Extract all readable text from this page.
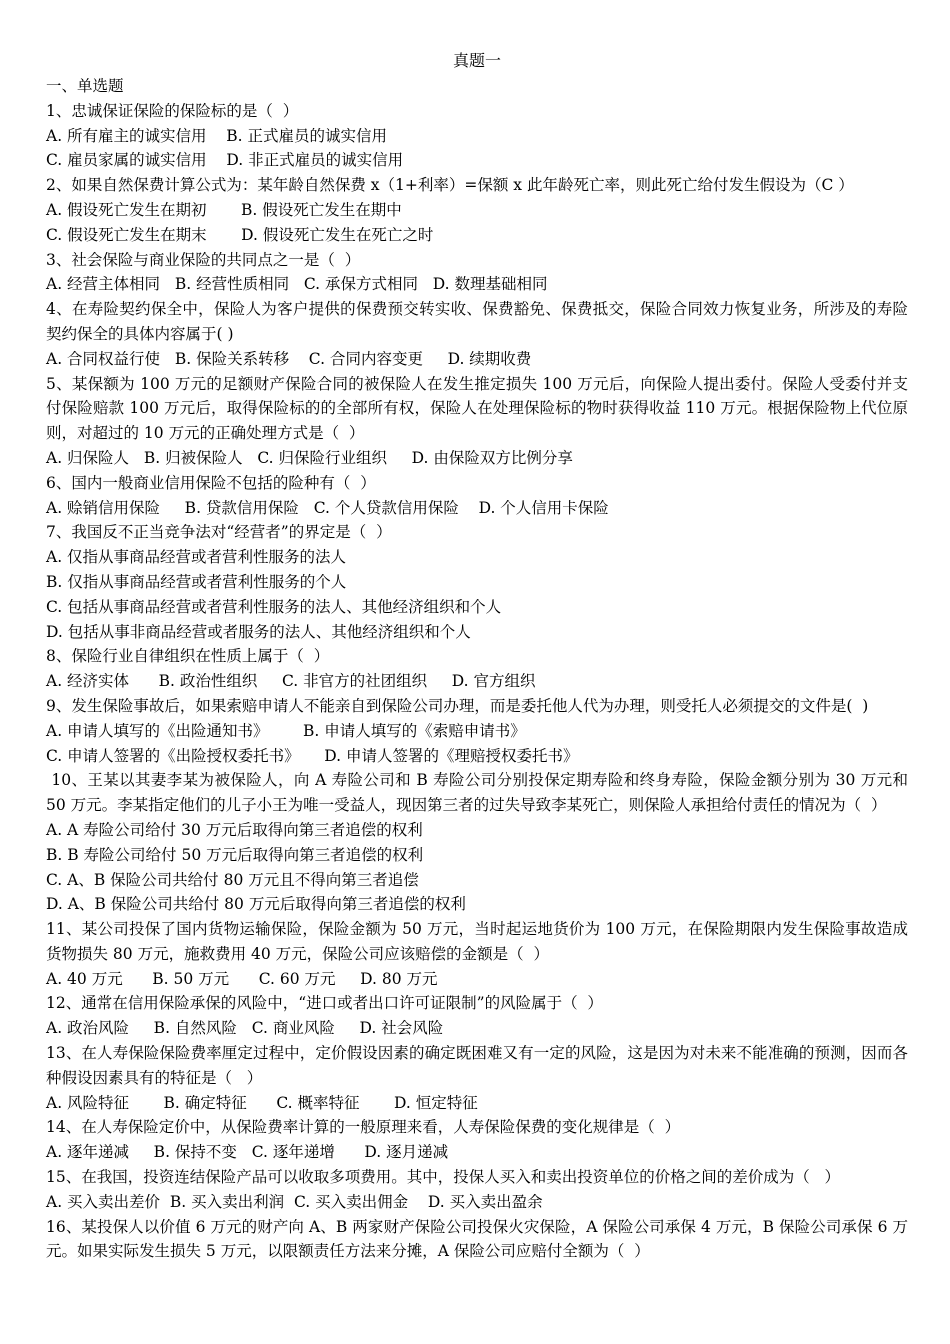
真题一
一、单选题
1、忠诚保证保险的保险标的是（  ）
A. 所有雇主的诚实信用    B. 正式雇员的诚实信用
C. 雇员家属的诚实信用    D. 非正式雇员的诚实信用
2、如果自然保费计算公式为：某年龄自然保费 x（1+利率）=保额 x 此年龄死亡率，则此死亡给付发生假设为（C ）
A. 假设死亡发生在期初       B. 假设死亡发生在期中
C. 假设死亡发生在期末       D. 假设死亡发生在死亡之时
3、社会保险与商业保险的共同点之一是（  ）
A. 经营主体相同   B. 经营性质相同   C. 承保方式相同   D. 数理基础相同
4、在寿险契约保全中，保险人为客户提供的保费预交转实收、保费豁免、保费抵交，保险合同效力恢复业务，所涉及的寿险契约保全的具体内容属于( )
A. 合同权益行使   B. 保险关系转移    C. 合同内容变更     D. 续期收费
5、某保额为 100 万元的足额财产保险合同的被保险人在发生推定损失 100 万元后，向保险人提出委付。保险人受委付并支付保险赔款 100 万元后，取得保险标的的全部所有权，保险人在处理保险标的物时获得收益 110 万元。根据保险物上代位原则，对超过的 10 万元的正确处理方式是（  ）
A. 归保险人   B. 归被保险人   C. 归保险行业组织     D. 由保险双方比例分享
6、国内一般商业信用保险不包括的险种有（  ）
A. 赊销信用保险     B. 贷款信用保险   C. 个人贷款信用保险    D. 个人信用卡保险
7、我国反不正当竞争法对“经营者”的界定是（  ）
A. 仅指从事商品经营或者营利性服务的法人
B. 仅指从事商品经营或者营利性服务的个人
C. 包括从事商品经营或者营利性服务的法人、其他经济组织和个人
D. 包括从事非商品经营或者服务的法人、其他经济组织和个人
8、保险行业自律组织在性质上属于（  ）
A. 经济实体      B. 政治性组织     C. 非官方的社团组织     D. 官方组织
9、发生保险事故后，如果索赔申请人不能亲自到保险公司办理，而是委托他人代为办理，则受托人必须提交的文件是(  )
A. 申请人填写的《出险通知书》       B. 申请人填写的《索赔申请书》
C. 申请人签署的《出险授权委托书》     D. 申请人签署的《理赔授权委托书》
10、王某以其妻李某为被保险人，向 A 寿险公司和 B 寿险公司分别投保定期寿险和终身寿险，保险金额分别为 30 万元和 50 万元。李某指定他们的儿子小王为唯一受益人，现因第三者的过失导致李某死亡，则保险人承担给付责任的情况为（  ）
A. A 寿险公司给付 30 万元后取得向第三者追偿的权利
B. B 寿险公司给付 50 万元后取得向第三者追偿的权利
C. A、B 保险公司共给付 80 万元且不得向第三者追偿
D. A、B 保险公司共给付 80 万元后取得向第三者追偿的权利
11、某公司投保了国内货物运输保险，保险金额为 50 万元，当时起运地货价为 100 万元，在保险期限内发生保险事故造成货物损失 80 万元，施救费用 40 万元，保险公司应该赔偿的金额是（  ）
A. 40 万元      B. 50 万元      C. 60 万元     D. 80 万元
12、通常在信用保险承保的风险中，“进口或者出口许可证限制”的风险属于（  ）
A. 政治风险     B. 自然风险   C. 商业风险     D. 社会风险
13、在人寿保险保险费率厘定过程中，定价假设因素的确定既困难又有一定的风险，这是因为对未来不能准确的预测，因而各种假设因素具有的特征是（   ）
A. 风险特征       B. 确定特征      C. 概率特征       D. 恒定特征
14、在人寿保险定价中，从保险费率计算的一般原理来看，人寿保险保费的变化规律是（  ）
A. 逐年递减     B. 保持不变   C. 逐年递增      D. 逐月递减
15、在我国，投资连结保险产品可以收取多项费用。其中，投保人买入和卖出投资单位的价格之间的差价成为（   ）
A. 买入卖出差价  B. 买入卖出利润  C. 买入卖出佣金    D. 买入卖出盈余
16、某投保人以价值 6 万元的财产向 A、B 两家财产保险公司投保火灾保险，A 保险公司承保 4 万元，B 保险公司承保 6 万元。如果实际发生损失 5 万元，以限额责任方法来分摊，A 保险公司应赔付全额为（  ）
